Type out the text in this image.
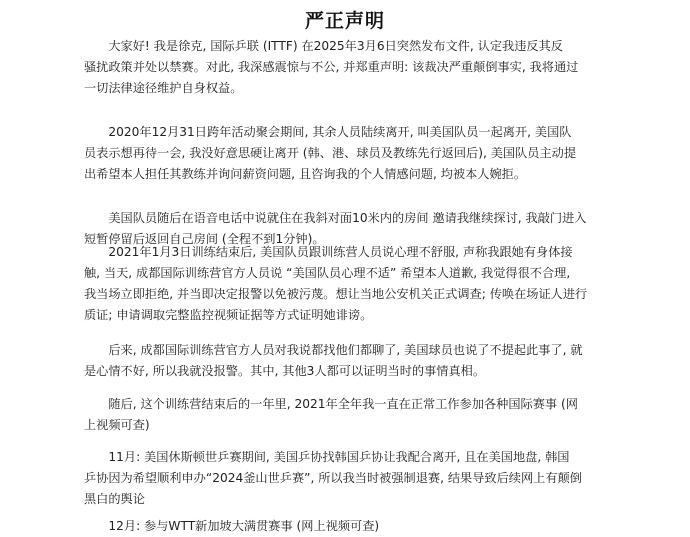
严正声明
　　大家好! 我是徐克, 国际乒联 (ITTF) 在2025年3月6日突然发布文件, 认定我违反其反
骚扰政策并处以禁赛。对此, 我深感震惊与不公, 并郑重声明: 该裁决严重颠倒事实, 我将通过
一切法律途径维护自身权益。
　　2020年12月31日跨年活动聚会期间, 其余人员陆续离开, 叫美国队员一起离开, 美国队
员表示想再待一会, 我没好意思硬让离开 (韩、港、球员及教练先行返回后), 美国队员主动提
出希望本人担任其教练并询问薪资问题, 且咨询我的个人情感问题, 均被本人婉拒。
　　美国队员随后在语音电话中说就住在我斜对面10米内的房间 邀请我继续探讨, 我敲门进入
短暂停留后返回自己房间 (全程不到1分钟)。
　　2021年1月3日训练结束后, 美国队员跟训练营人员说心理不舒服, 声称我跟她有身体接
触, 当天, 成都国际训练营官方人员说 “美国队员心理不适” 希望本人道歉, 我觉得很不合理,
我当场立即拒绝, 并当即决定报警以免被污蔑。想让当地公安机关正式调查; 传唤在场证人进行
质证; 申请调取完整监控视频证据等方式证明她诽谤。
　　后来, 成都国际训练营官方人员对我说都找他们都聊了, 美国球员也说了不提起此事了, 就
是心情不好, 所以我就没报警。其中, 其他3人都可以证明当时的事情真相。
　　随后, 这个训练营结束后的一年里, 2021年全年我一直在正常工作参加各种国际赛事 (网
上视频可查)
　　11月: 美国休斯顿世乒赛期间, 美国乒协找韩国乒协让我配合离开, 且在美国地盘, 韩国
乒协因为希望顺利申办“2024釜山世乒赛”, 所以我当时被强制退赛, 结果导致后续网上有颠倒
黑白的舆论
　　12月: 参与WTT新加坡大满贯赛事 (网上视频可查)
